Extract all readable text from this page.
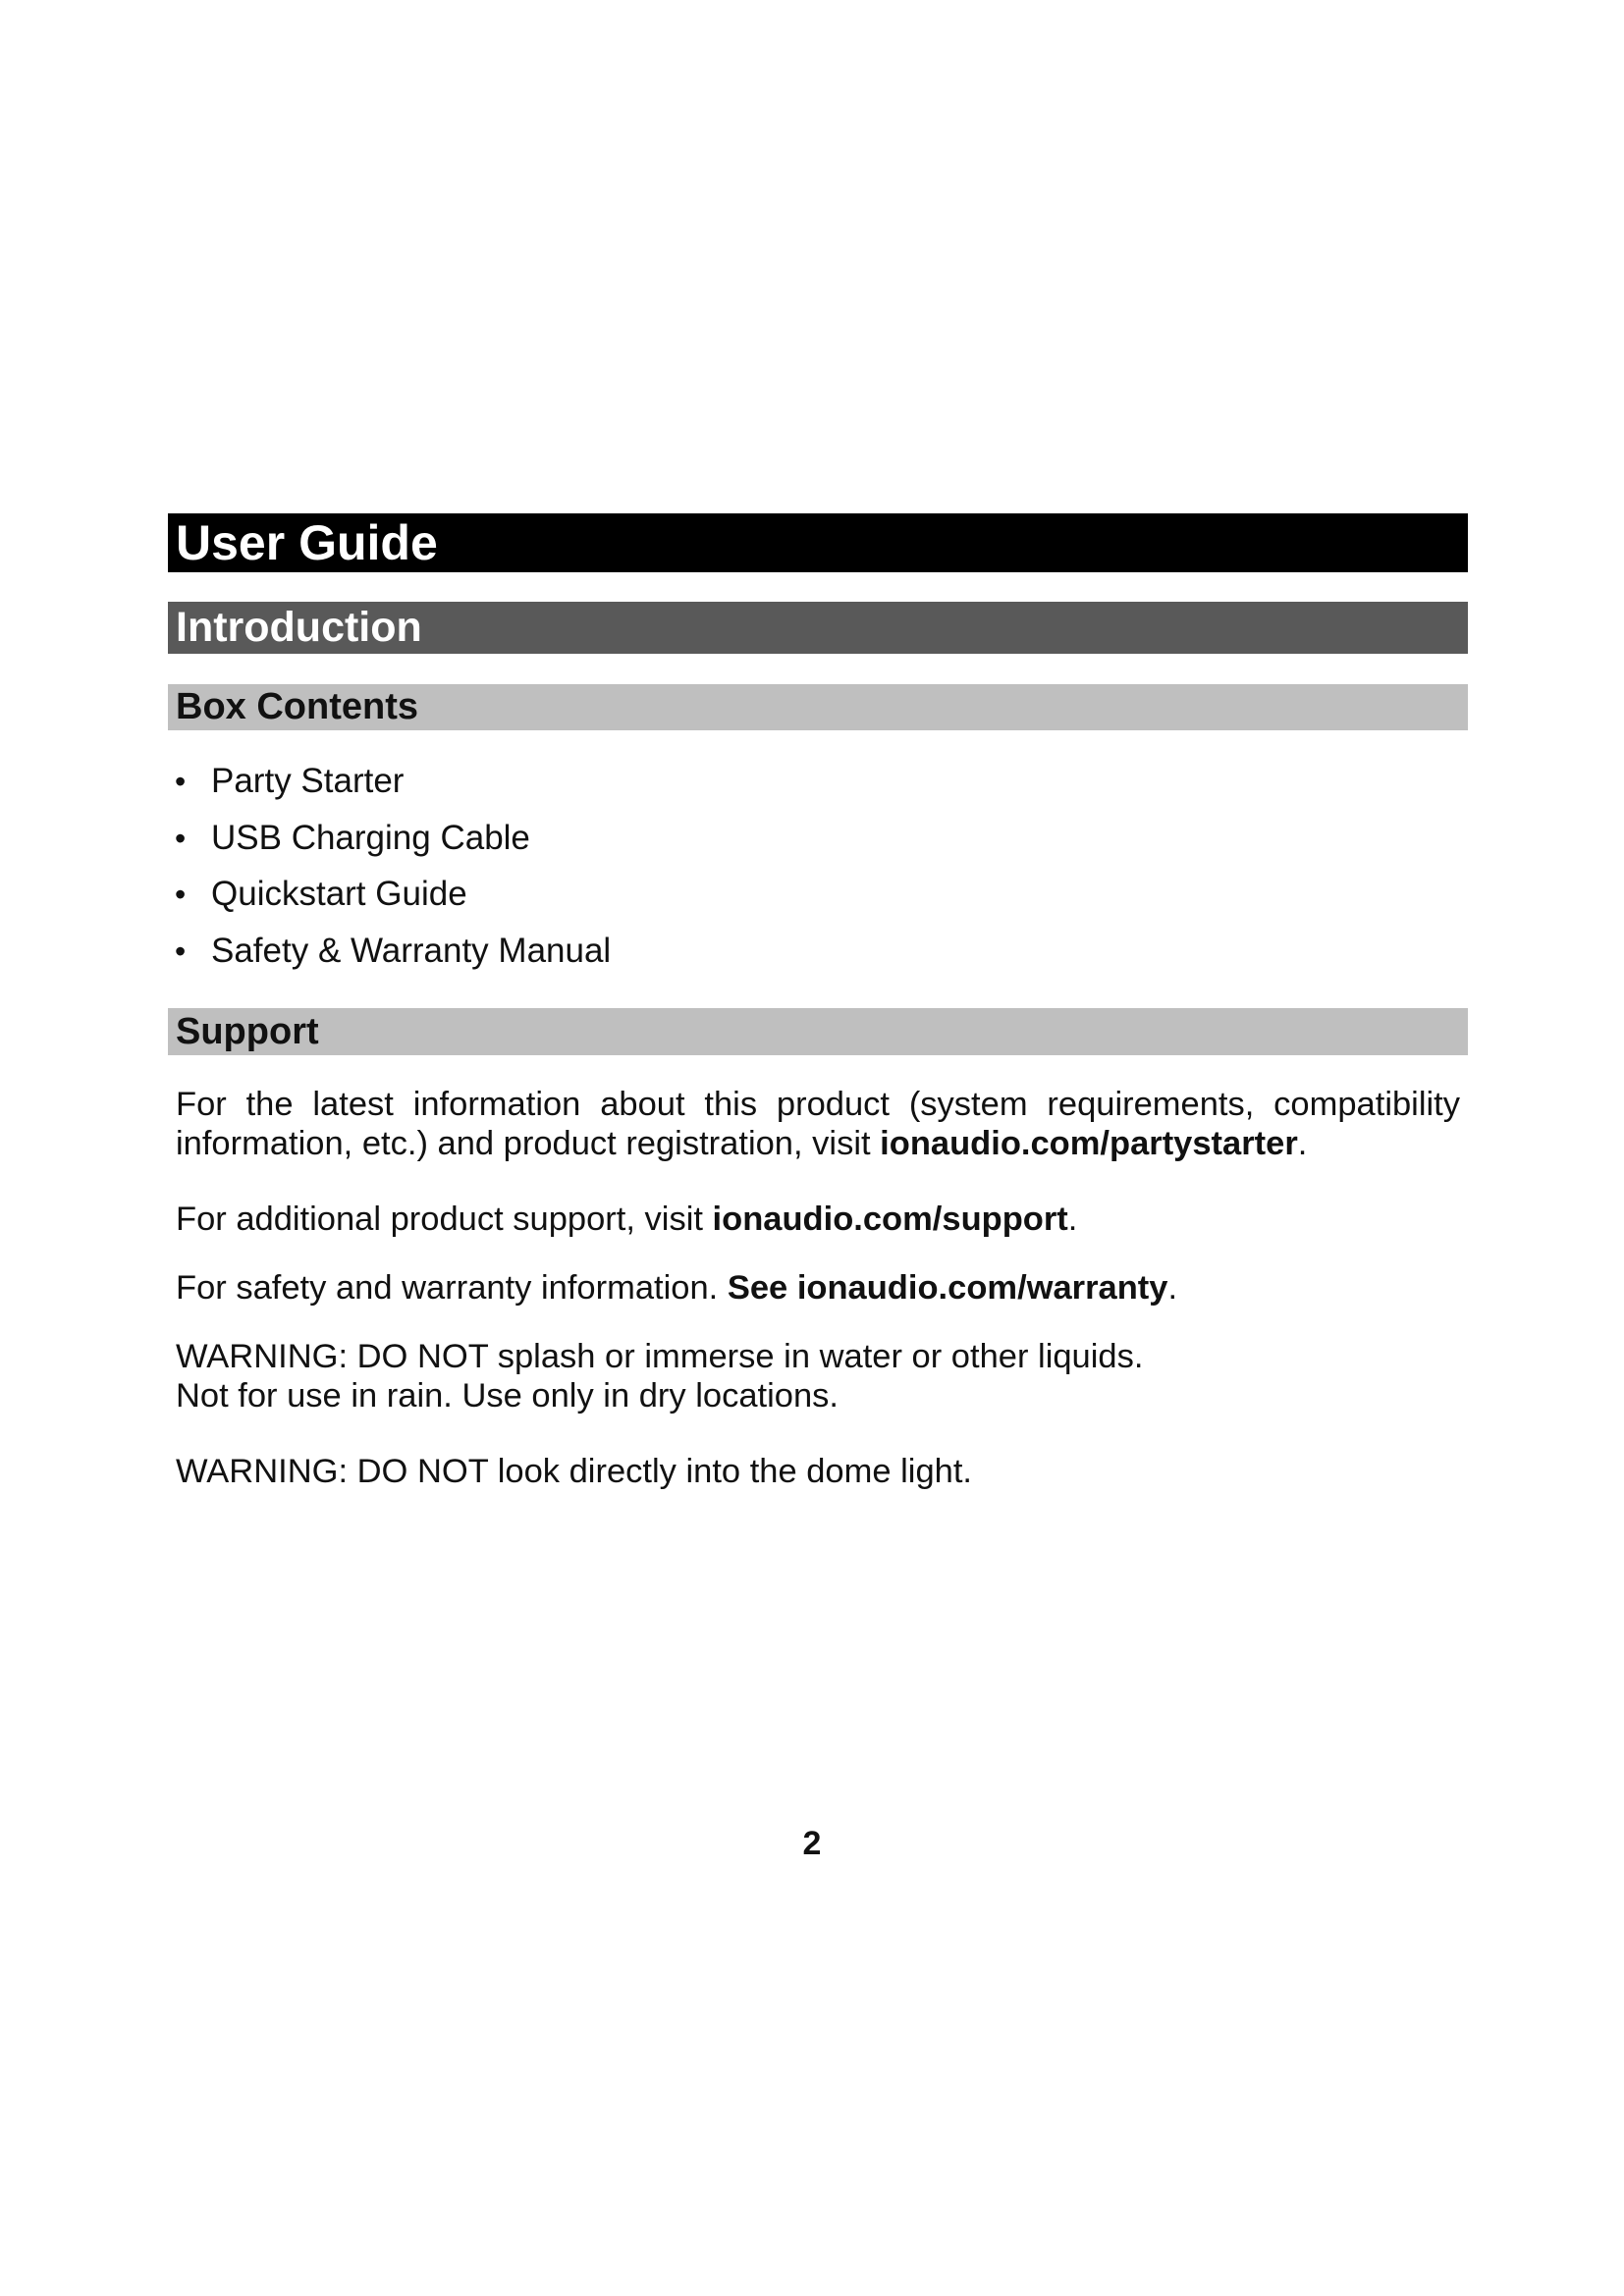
User Guide
Introduction
Box Contents
• Party Starter
• USB Charging Cable
• Quickstart Guide
• Safety & Warranty Manual
Support

For the latest information about this product (system requirements, compatibility information, etc.) and product registration, visit ionaudio.com/partystarter.

For additional product support, visit ionaudio.com/support.

For safety and warranty information. See ionaudio.com/warranty.

WARNING: DO NOT splash or immerse in water or other liquids.
Not for use in rain. Use only in dry locations.

WARNING: DO NOT look directly into the dome light.

2
